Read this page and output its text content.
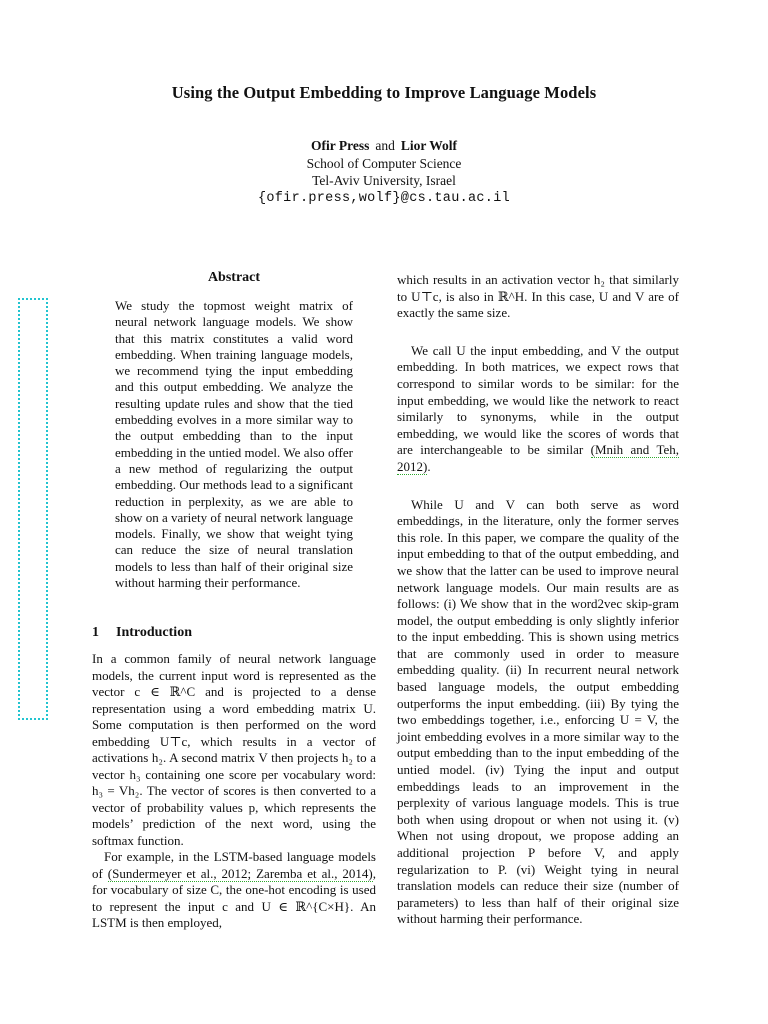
Using the Output Embedding to Improve Language Models
Ofir Press and Lior Wolf
School of Computer Science
Tel-Aviv University, Israel
{ofir.press,wolf}@cs.tau.ac.il
Abstract

We study the topmost weight matrix of neural network language models. We show that this matrix constitutes a valid word embedding. When training language models, we recommend tying the input embedding and this output embedding. We analyze the resulting update rules and show that the tied embedding evolves in a more similar way to the output embedding than to the input embedding in the untied model. We also offer a new method of regularizing the output embedding. Our methods lead to a significant reduction in perplexity, as we are able to show on a variety of neural network language models. Finally, we show that weight tying can reduce the size of neural translation models to less than half of their original size without harming their performance.

1 Introduction

In a common family of neural network language models, the current input word is represented as the vector c ∈ ℝ^C and is projected to a dense representation using a word embedding matrix U. Some computation is then performed on the word embedding U⊤c, which results in a vector of activations h₂. A second matrix V then projects h₂ to a vector h₃ containing one score per vocabulary word: h₃ = Vh₂. The vector of scores is then converted to a vector of probability values p, which represents the models’ prediction of the next word, using the softmax function.

For example, in the LSTM-based language models of (Sundermeyer et al., 2012; Zaremba et al., 2014), for vocabulary of size C, the one-hot encoding is used to represent the input c and U ∈ ℝ^{C×H}. An LSTM is then employed,

which results in an activation vector h₂ that similarly to U⊤c, is also in ℝ^H. In this case, U and V are of exactly the same size.

We call U the input embedding, and V the output embedding. In both matrices, we expect rows that correspond to similar words to be similar: for the input embedding, we would like the network to react similarly to synonyms, while in the output embedding, we would like the scores of words that are interchangeable to be similar (Mnih and Teh, 2012).

While U and V can both serve as word embeddings, in the literature, only the former serves this role. In this paper, we compare the quality of the input embedding to that of the output embedding, and we show that the latter can be used to improve neural network language models. Our main results are as follows: (i) We show that in the word2vec skip-gram model, the output embedding is only slightly inferior to the input embedding. This is shown using metrics that are commonly used in order to measure embedding quality. (ii) In recurrent neural network based language models, the output embedding outperforms the input embedding. (iii) By tying the two embeddings together, i.e., enforcing U = V, the joint embedding evolves in a more similar way to the output embedding than to the input embedding of the untied model. (iv) Tying the input and output embeddings leads to an improvement in the perplexity of various language models. This is true both when using dropout or when not using it. (v) When not using dropout, we propose adding an additional projection P before V, and apply regularization to P. (vi) Weight tying in neural translation models can reduce their size (number of parameters) to less than half of their original size without harming their performance.
